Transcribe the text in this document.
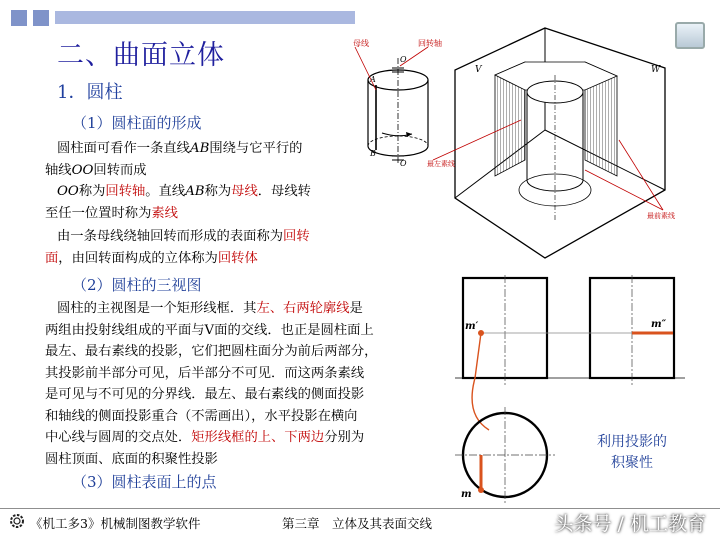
二、曲面立体
1．圆柱
（1）圆柱面的形成
圆柱面可看作一条直线AB围绕与它平行的
轴线OO回转而成
OO称为回转轴。直线AB称为母线．母线转
至任一位置时称为素线
由一条母线绕轴回转而形成的表面称为回转
面，由回转面构成的立体称为回转体
（2）圆柱的三视图
圆柱的主视图是一个矩形线框．其左、右两轮廓线是
两组由投射线组成的平面与V面的交线．也正是圆柱面上
最左、最右素线的投影，它们把圆柱面分为前后两部分，
其投影前半部分可见，后半部分不可见．而这两条素线
是可见与不可见的分界线．最左、最右素线的侧面投影
和轴线的侧面投影重合（不需画出），水平投影在横向
中心线与圆周的交点处．矩形线框的上、下两边分别为
圆柱顶面、底面的积聚性投影
（3）圆柱表面上的点
母线	回转轴
A
B
O
O
V	W
最左素线
最前素线
m′	m″
m
利用投影的积聚性
《机工多3》机械制图教学软件	第三章　立体及其表面交线	头条号 / 机工教育
